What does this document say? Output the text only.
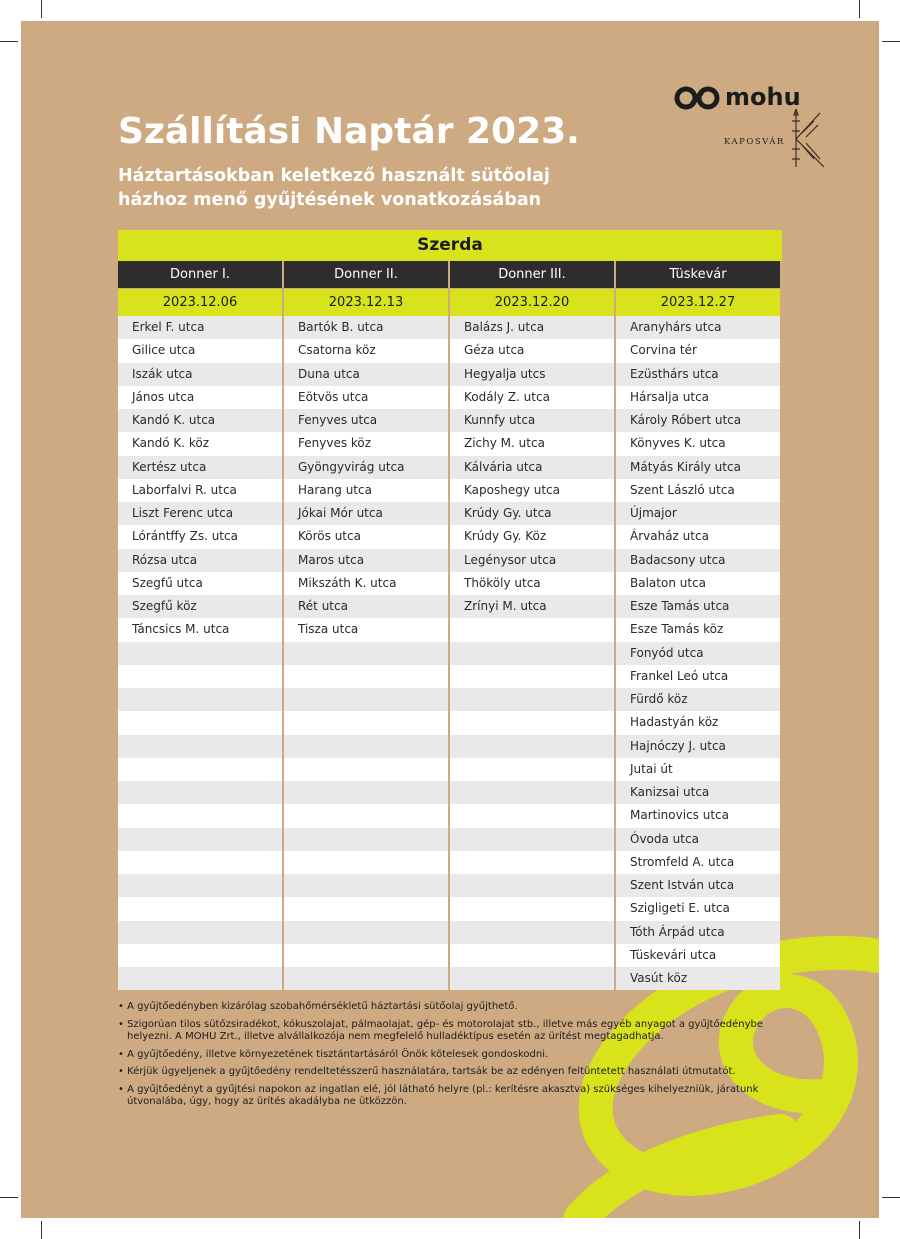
Szállítási Naptár 2023.
Háztartásokban keletkező használt sütőolaj
házhoz menő gyűjtésének vonatkozásában
mohu
KAPOSVÁR
Szerda
Donner I.
2023.12.06
Erkel F. utca
Gilice utca
Iszák utca
János utca
Kandó K. utca
Kandó K. köz
Kertész utca
Laborfalvi R. utca
Liszt Ferenc utca
Lórántffy Zs. utca
Rózsa utca
Szegfű utca
Szegfű köz
Táncsics M. utca
Donner II.
2023.12.13
Bartók B. utca
Csatorna köz
Duna utca
Eötvös utca
Fenyves utca
Fenyves köz
Gyöngyvirág utca
Harang utca
Jókai Mór utca
Körös utca
Maros utca
Mikszáth K. utca
Rét utca
Tisza utca
Donner III.
2023.12.20
Balázs J. utca
Géza utca
Hegyalja utcs
Kodály Z. utca
Kunnfy utca
Zichy M. utca
Kálvária utca
Kaposhegy utca
Krúdy Gy. utca
Krúdy Gy. Köz
Legénysor utca
Thököly utca
Zrínyi M. utca
Tüskevár
2023.12.27
Aranyhárs utca
Corvina tér
Ezüsthárs utca
Hársalja utca
Károly Róbert utca
Könyves K. utca
Mátyás Király utca
Szent László utca
Újmajor
Árvaház utca
Badacsony utca
Balaton utca
Esze Tamás utca
Esze Tamás köz
Fonyód utca
Frankel Leó utca
Fürdő köz
Hadastyán köz
Hajnóczy J. utca
Jutai út
Kanizsai utca
Martinovics utca
Óvoda utca
Stromfeld A. utca
Szent István utca
Szigligeti E. utca
Tóth Árpád utca
Tüskevári utca
Vasút köz
• A gyűjtőedényben kizárólag szobahőmérsékletű háztartási sütőolaj gyűjthető.
• Szigorúan tilos sütőzsiradékot, kókuszolajat, pálmaolajat, gép- és motorolajat stb., illetve más egyéb anyagot a gyűjtőedénybe helyezni. A MOHU Zrt., illetve alvállalkozója nem megfelelő hulladéktípus esetén az ürítést megtagadhatja.
• A gyűjtőedény, illetve környezetének tisztántartásáról Önök kötelesek gondoskodni.
• Kérjük ügyeljenek a gyűjtőedény rendeltetésszerű használatára, tartsák be az edényen feltüntetett használati útmutatót.
• A gyűjtőedényt a gyűjtési napokon az ingatlan elé, jól látható helyre (pl.: kerítésre akasztva) szükséges kihelyezniük, járatunk útvonalába, úgy, hogy az ürítés akadályba ne ütközzön.
